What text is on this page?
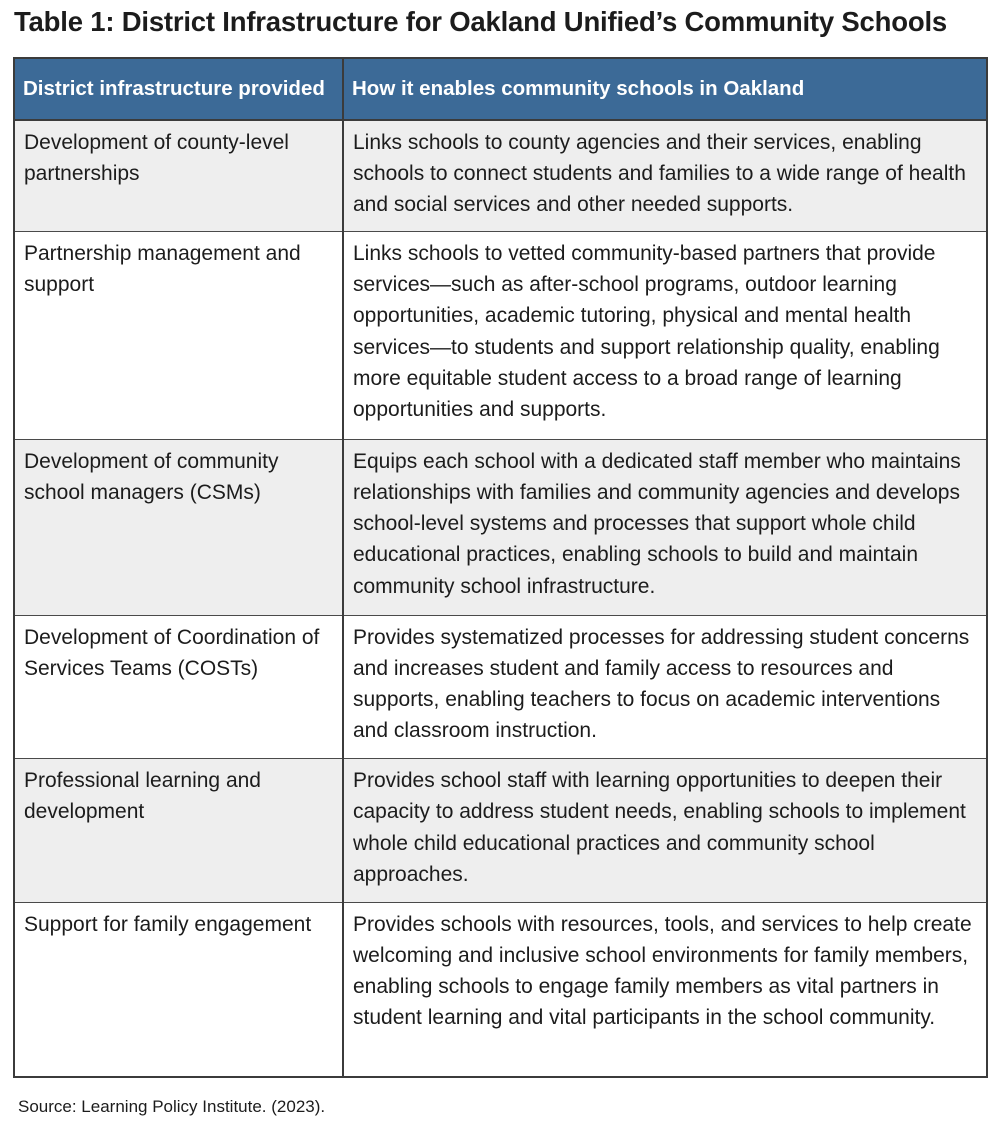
Table 1: District Infrastructure for Oakland Unified’s Community Schools
District infrastructure provided	How it enables community schools in Oakland
Development of county-level partnerships	Links schools to county agencies and their services, enabling schools to connect students and families to a wide range of health and social services and other needed supports.
Partnership management and support	Links schools to vetted community-based partners that provide services—such as after-school programs, outdoor learning opportunities, academic tutoring, physical and mental health services—to students and support relationship quality, enabling more equitable student access to a broad range of learning opportunities and supports.
Development of community school managers (CSMs)	Equips each school with a dedicated staff member who maintains relationships with families and community agencies and develops school-level systems and processes that support whole child educational practices, enabling schools to build and maintain community school infrastructure.
Development of Coordination of Services Teams (COSTs)	Provides systematized processes for addressing student concerns and increases student and family access to resources and supports, enabling teachers to focus on academic interventions and classroom instruction.
Professional learning and development	Provides school staff with learning opportunities to deepen their capacity to address student needs, enabling schools to implement whole child educational practices and community school approaches.
Support for family engagement	Provides schools with resources, tools, and services to help create welcoming and inclusive school environments for family members, enabling schools to engage family members as vital partners in student learning and vital participants in the school community.
Source: Learning Policy Institute. (2023).
